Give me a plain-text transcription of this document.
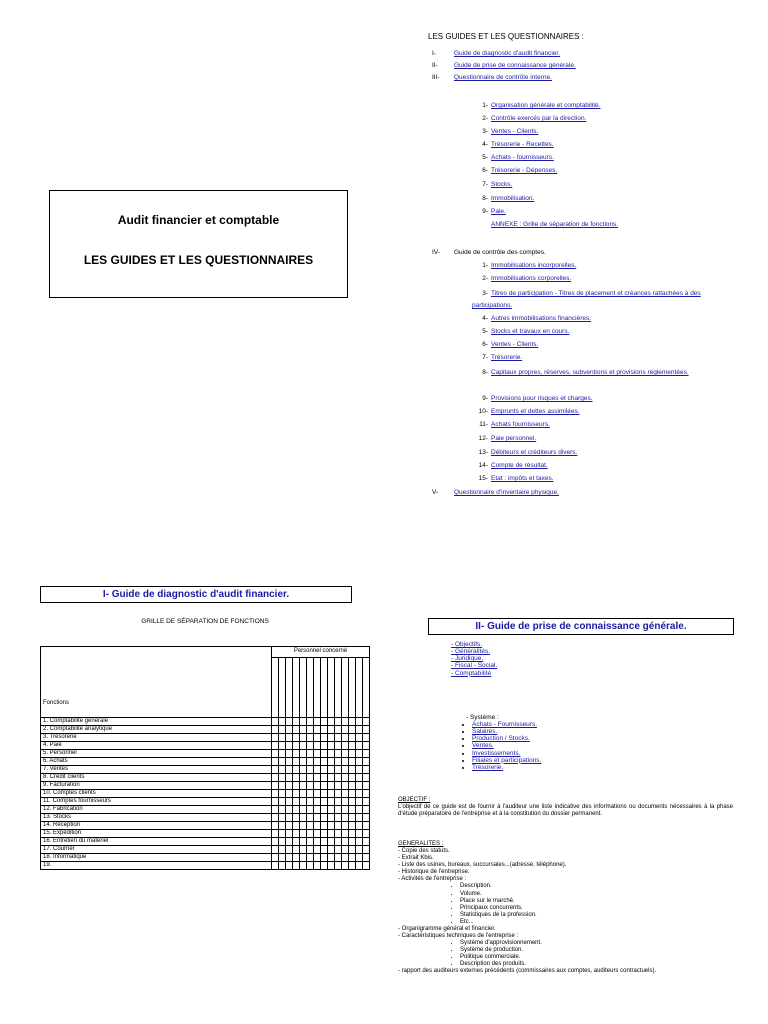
Audit financier et comptable
LES GUIDES ET LES QUESTIONNAIRES
LES GUIDES ET LES QUESTIONNAIRES :
I-	Guide de diagnostic d'audit financier.
II- Guide de prise de connaissance générale.
III- Questionnaire de contrôle interne.
1- Organisation générale et comptabilité.
2- Contrôle exercés par la direction.
3- Ventes - Clients.
4- Trésorerie - Recettes.
5- Achats - fournisseurs.
6- Trésorerie - Dépenses.
7- Stocks.
8- Immobilisation.
9- Paie.
ANNEXE : Grille de séparation de fonctions.
IV- Guide de contrôle des comptes.
1- Immobilisations incorporelles.
2- Immobilisations corporelles.
3- Titres de participation - Titres de placement et créances rattachées à des participations.
4- Autres immobilisations financières.
5- Stocks et travaux en cours.
6- Ventes - Clients.
7- Trésorerie.
8- Capitaux propres, réserves, subventions et provisions réglementées.
9- Provisions pour risques et charges.
10- Emprunts et dettes assimilées.
11- Achats fournisseurs.
12- Paie personnel.
13- Débiteurs et créditeurs divers.
14- Compte de résultat.
15- Etat : impôts et taxes.
V- Questionnaire d'inventaire physique.
I- Guide de diagnostic d'audit financier.
GRILLE DE SÉPARATION DE FONCTIONS
Fonctions	Personnel concerné													

1. Comptabilité générale														
2. Comptabilité analytique														
3. Trésorerie														
4. Paie														
5. Personnel														
6. Achats														
7. Ventes														
8. Crédit clients														
9. Facturation														
10. Comptes clients														
11. Comptes fournisseurs														
12. Fabrication														
13. Stocks														
14. Réception														
15. Expédition														
16. Entretien du matériel														
17. Courrier														
18. Informatique														
19.														
II- Guide de prise de connaissance générale.
- Objectifs.
- Généralités.
- Juridique.
- Fiscal - Social.
- Comptabilité
- Système :
• Achats - Fournisseurs.
• Salaires.
• Production / Stocks.
• Ventes.
• Investissements.
• Filiales et participations.
• Trésorerie.
OBJECTIF :
L'objectif de ce guide est de fournir à l'auditeur une liste indicative des informations ou documents nécessaires à la phase d'étude préparatoire de l'entreprise et à la constitution du dossier permanent.
GENERALITES :
- Copie des statuts.
- Extrait Kbis.
- Liste des usines, bureaux, succursales...(adresse, téléphone).
- Historique de l'entreprise.
- Activités de l'entreprise :
• Description.
• Volume.
• Place sur le marché.
• Principaux concurrents.
• Statistiques de la profession.
• Etc...
- Organigramme général et financier.
- Caractéristiques techniques de l'entreprise :
• Système d'approvisionnement.
• Système de production.
• Politique commerciale.
• Description des produits.
- rapport des auditeurs externes précédents (commissaires aux comptes, auditeurs contractuels).
